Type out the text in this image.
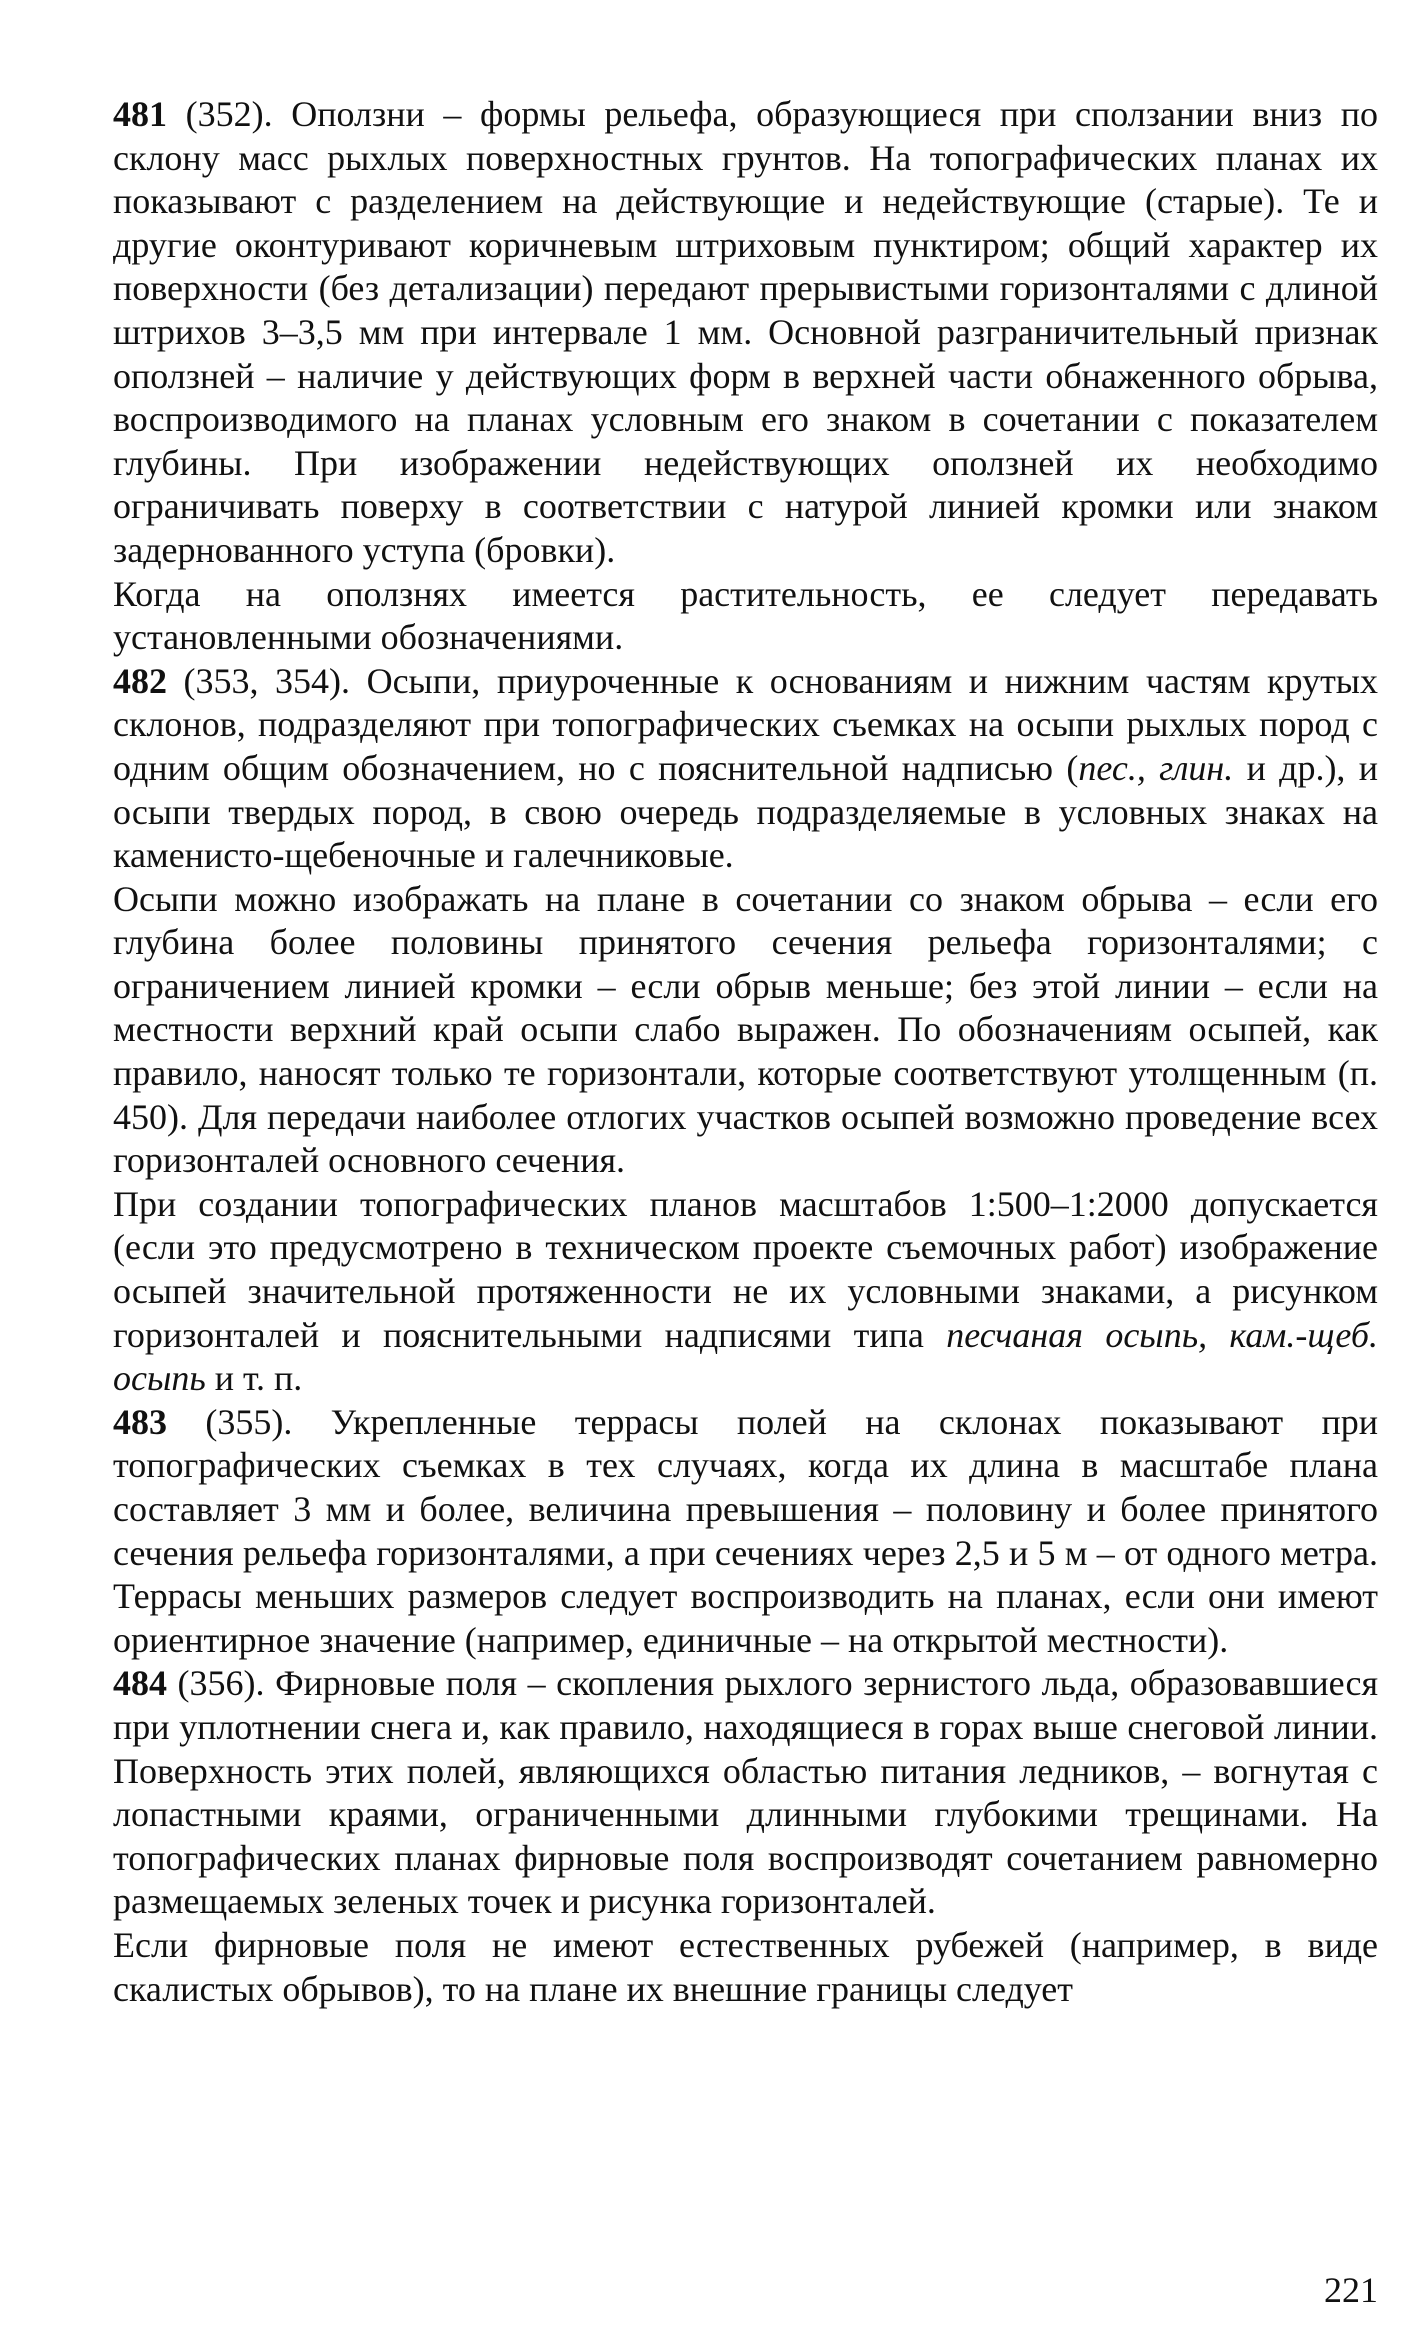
481 (352). Оползни – формы рельефа, образующиеся при сползании вниз по склону масс рыхлых поверхностных грунтов. На топографических планах их показывают с разделением на действующие и недействующие (старые). Те и другие оконтуривают коричневым штриховым пунктиром; общий характер их поверхности (без детализации) передают прерывистыми горизонталями с длиной штрихов 3–3,5 мм при интервале 1 мм. Основной разграничительный признак оползней – наличие у действующих форм в верхней части обнаженного обрыва, воспроизводимого на планах условным его знаком в сочетании с показателем глубины. При изображении недействующих оползней их необходимо ограничивать поверху в соответствии с натурой линией кромки или знаком задернованного уступа (бровки).

Когда на оползнях имеется растительность, ее следует передавать установленными обозначениями.

482 (353, 354). Осыпи, приуроченные к основаниям и нижним частям крутых склонов, подразделяют при топографических съемках на осыпи рыхлых пород с одним общим обозначением, но с пояснительной надписью (пес., глин. и др.), и осыпи твердых пород, в свою очередь подразделяемые в условных знаках на каменисто-щебеночные и галечниковые.

Осыпи можно изображать на плане в сочетании со знаком обрыва – если его глубина более половины принятого сечения рельефа горизонталями; с ограничением линией кромки – если обрыв меньше; без этой линии – если на местности верхний край осыпи слабо выражен. По обозначениям осыпей, как правило, наносят только те горизонтали, которые соответствуют утолщенным (п. 450). Для передачи наиболее отлогих участков осыпей возможно проведение всех горизонталей основного сечения.

При создании топографических планов масштабов 1:500–1:2000 допускается (если это предусмотрено в техническом проекте съемочных работ) изображение осыпей значительной протяженности не их условными знаками, а рисунком горизонталей и пояснительными надписями типа песчаная осыпь, кам.-щеб. осыпь и т. п.

483 (355). Укрепленные террасы полей на склонах показывают при топографических съемках в тех случаях, когда их длина в масштабе плана составляет 3 мм и более, величина превышения – половину и более принятого сечения рельефа горизонталями, а при сечениях через 2,5 и 5 м – от одного метра. Террасы меньших размеров следует воспроизводить на планах, если они имеют ориентирное значение (например, единичные – на открытой местности).

484 (356). Фирновые поля – скопления рыхлого зернистого льда, образовавшиеся при уплотнении снега и, как правило, находящиеся в горах выше снеговой линии. Поверхность этих полей, являющихся областью питания ледников, – вогнутая с лопастными краями, ограниченными длинными глубокими трещинами. На топографических планах фирновые поля воспроизводят сочетанием равномерно размещаемых зеленых точек и рисунка горизонталей.

Если фирновые поля не имеют естественных рубежей (например, в виде скалистых обрывов), то на плане их внешние границы следует

221
